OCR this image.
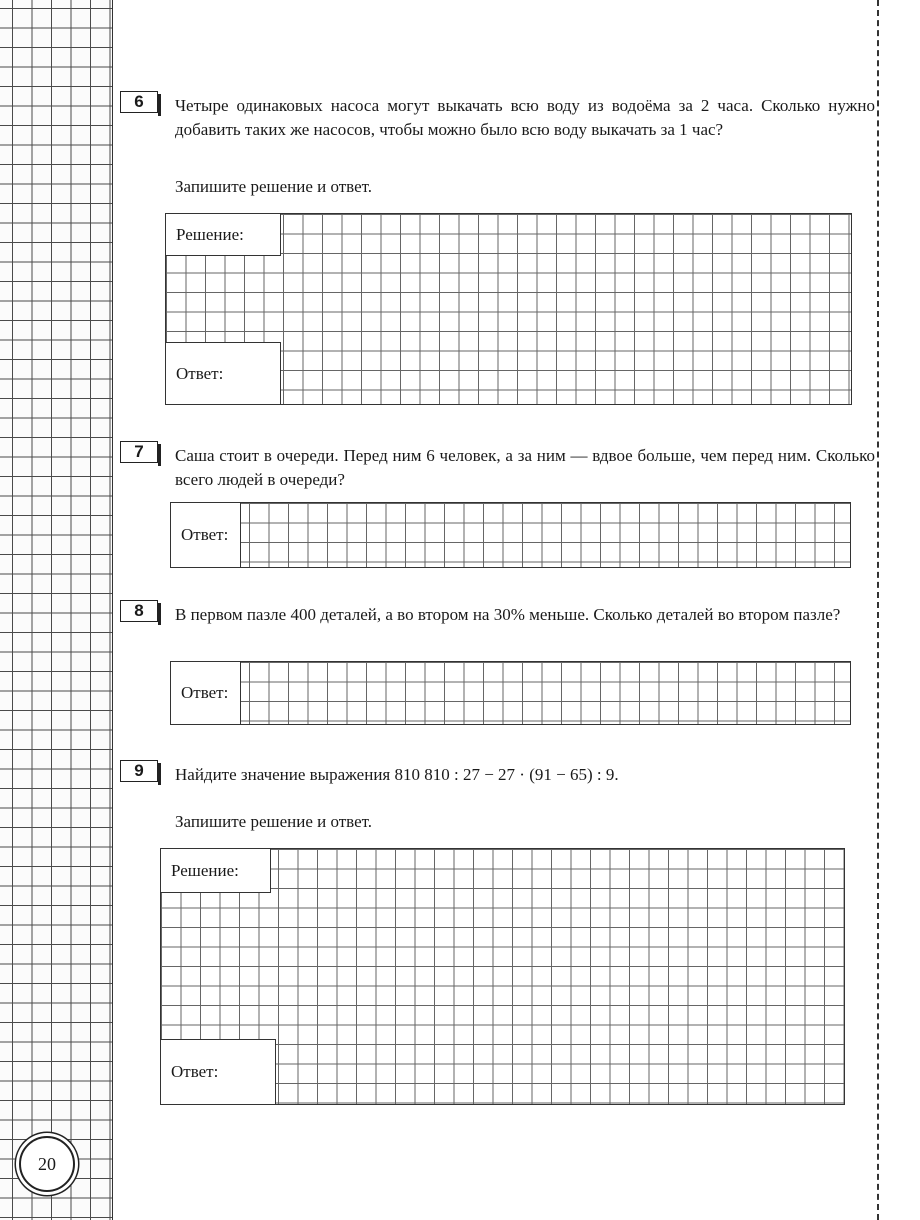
20
6	Четыре одинаковых насоса могут выкачать всю воду из водоёма за 2 часа. Сколько нужно добавить таких же насосов, чтобы можно было всю воду выкачать за 1 час?
Запишите решение и ответ.
Решение:
Ответ:
7	Саша стоит в очереди. Перед ним 6 человек, а за ним — вдвое больше, чем перед ним. Сколько всего людей в очереди?
Ответ:
8	В первом пазле 400 деталей, а во втором на 30% меньше. Сколько деталей во втором пазле?
Ответ:
9	Найдите значение выражения 810 810 : 27 − 27 · (91 − 65) : 9.
Запишите решение и ответ.
Решение:
Ответ:
